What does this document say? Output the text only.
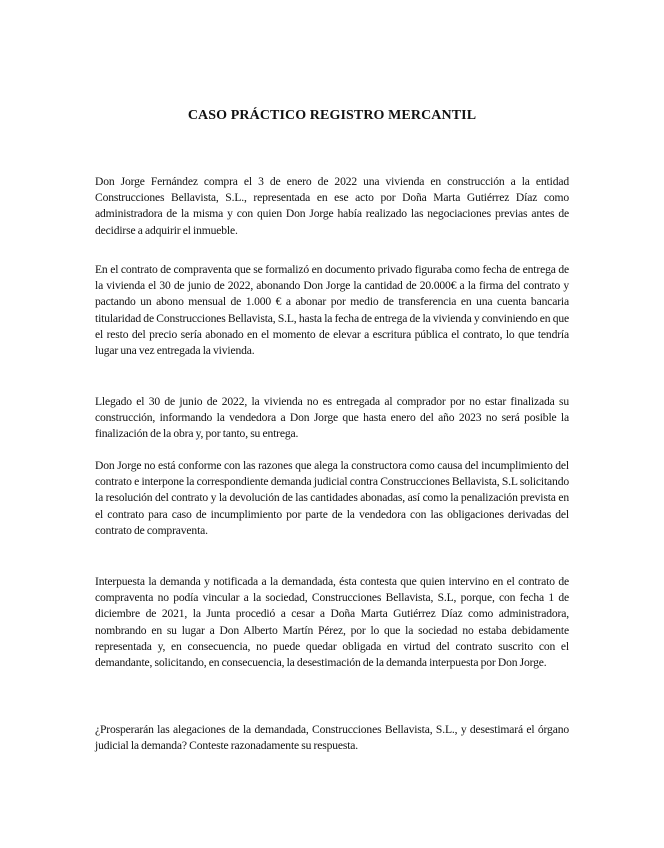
CASO PRÁCTICO REGISTRO MERCANTIL

Don Jorge Fernández compra el 3 de enero de 2022 una vivienda en construcción a la entidad Construcciones Bellavista, S.L., representada en ese acto por Doña Marta Gutiérrez Díaz como administradora de la misma y con quien Don Jorge había realizado las negociaciones previas antes de decidirse a adquirir el inmueble.

En el contrato de compraventa que se formalizó en documento privado figuraba como fecha de entrega de la vivienda el 30 de junio de 2022, abonando Don Jorge la cantidad de 20.000€ a la firma del contrato y pactando un abono mensual de 1.000 € a abonar por medio de transferencia en una cuenta bancaria titularidad de Construcciones Bellavista, S.L, hasta la fecha de entrega de la vivienda y conviniendo en que el resto del precio sería abonado en el momento de elevar a escritura pública el contrato, lo que tendría lugar una vez entregada la vivienda.

Llegado el 30 de junio de 2022, la vivienda no es entregada al comprador por no estar finalizada su construcción, informando la vendedora a Don Jorge que hasta enero del año 2023 no será posible la finalización de la obra y, por tanto, su entrega.

Don Jorge no está conforme con las razones que alega la constructora como causa del incumplimiento del contrato e interpone la correspondiente demanda judicial contra Construcciones Bellavista, S.L solicitando la resolución del contrato y la devolución de las cantidades abonadas, así como la penalización prevista en el contrato para caso de incumplimiento por parte de la vendedora con las obligaciones derivadas del contrato de compraventa.

Interpuesta la demanda y notificada a la demandada, ésta contesta que quien intervino en el contrato de compraventa no podía vincular a la sociedad, Construcciones Bellavista, S.L, porque, con fecha 1 de diciembre de 2021, la Junta procedió a cesar a Doña Marta Gutiérrez Díaz como administradora, nombrando en su lugar a Don Alberto Martín Pérez, por lo que la sociedad no estaba debidamente representada y, en consecuencia, no puede quedar obligada en virtud del contrato suscrito con el demandante, solicitando, en consecuencia, la desestimación de la demanda interpuesta por Don Jorge.

¿Prosperarán las alegaciones de la demandada, Construcciones Bellavista, S.L., y desestimará el órgano judicial la demanda? Conteste razonadamente su respuesta.
